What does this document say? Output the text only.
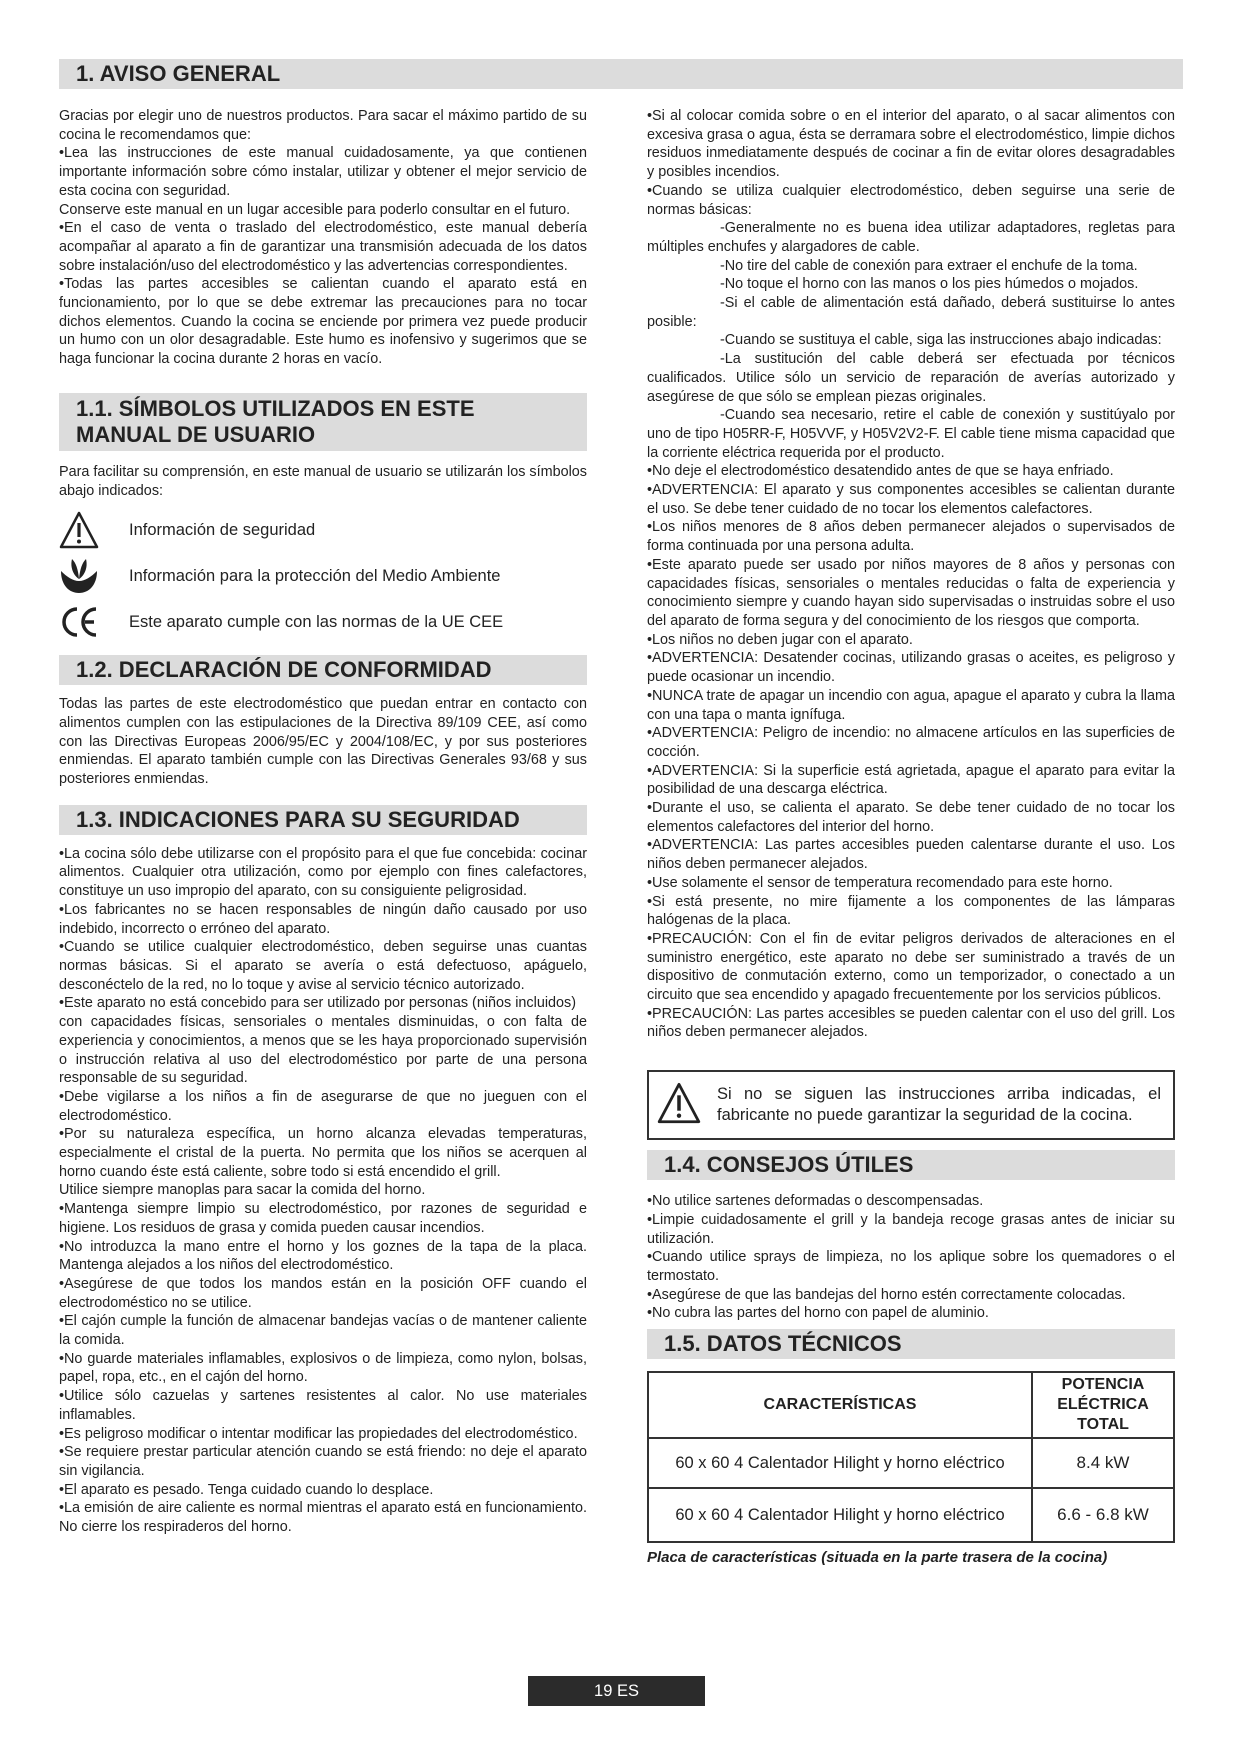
1. AVISO GENERAL

Gracias por elegir uno de nuestros productos. Para sacar el máximo partido de su cocina le recomendamos que:

•Lea las instrucciones de este manual cuidadosamente, ya que contienen importante información sobre cómo instalar, utilizar y obtener el mejor servicio de esta cocina con seguridad.

Conserve este manual en un lugar accesible para poderlo consultar en el futuro.

•En el caso de venta o traslado del electrodoméstico, este manual debería acompañar al aparato a fin de garantizar una transmisión adecuada de los datos sobre instalación/uso del electrodoméstico y las advertencias correspondientes.

•Todas las partes accesibles se calientan cuando el aparato está en funcionamiento, por lo que se debe extremar las precauciones para no tocar dichos elementos. Cuando la cocina se enciende por primera vez puede producir un humo con un olor desagradable. Este humo es inofensivo y sugerimos que se haga funcionar la cocina durante 2 horas en vacío.

1.1. SÍMBOLOS UTILIZADOS EN ESTE MANUAL DE USUARIO

Para facilitar su comprensión, en este manual de usuario se utilizarán los símbolos abajo indicados:

Información de seguridad
Información para la protección del Medio Ambiente
Este aparato cumple con las normas de la UE CEE
1.2. DECLARACIÓN DE CONFORMIDAD

Todas las partes de este electrodoméstico que puedan entrar en contacto con alimentos cumplen con las estipulaciones de la Directiva 89/109 CEE, así como con las Directivas Europeas 2006/95/EC y 2004/108/EC, y por sus posteriores enmiendas. El aparato también cumple con las Directivas Generales 93/68 y sus posteriores enmiendas.

1.3. INDICACIONES PARA SU SEGURIDAD

•La cocina sólo debe utilizarse con el propósito para el que fue concebida: cocinar alimentos. Cualquier otra utilización, como por ejemplo con fines calefactores, constituye un uso impropio del aparato, con su consiguiente peligrosidad.

•Los fabricantes no se hacen responsables de ningún daño causado por uso indebido, incorrecto o erróneo del aparato.

•Cuando se utilice cualquier electrodoméstico, deben seguirse unas cuantas normas básicas. Si el aparato se avería o está defectuoso, apáguelo, desconéctelo de la red, no lo toque y avise al servicio técnico autorizado.

•Este aparato no está concebido para ser utilizado por personas (niños incluidos)

con capacidades físicas, sensoriales o mentales disminuidas, o con falta de experiencia y conocimientos, a menos que se les haya proporcionado supervisión o instrucción relativa al uso del electrodoméstico por parte de una persona responsable de su seguridad.

•Debe vigilarse a los niños a fin de asegurarse de que no jueguen con el electrodoméstico.

•Por su naturaleza específica, un horno alcanza elevadas temperaturas, especialmente el cristal de la puerta. No permita que los niños se acerquen al horno cuando éste está caliente, sobre todo si está encendido el grill.

Utilice siempre manoplas para sacar la comida del horno.

•Mantenga siempre limpio su electrodoméstico, por razones de seguridad e higiene. Los residuos de grasa y comida pueden causar incendios.

•No introduzca la mano entre el horno y los goznes de la tapa de la placa. Mantenga alejados a los niños del electrodoméstico.

•Asegúrese de que todos los mandos están en la posición OFF cuando el electrodoméstico no se utilice.

•El cajón cumple la función de almacenar bandejas vacías o de mantener caliente la comida.

•No guarde materiales inflamables, explosivos o de limpieza, como nylon, bolsas, papel, ropa, etc., en el cajón del horno.

•Utilice sólo cazuelas y sartenes resistentes al calor. No use materiales inflamables.

•Es peligroso modificar o intentar modificar las propiedades del electrodoméstico.

•Se requiere prestar particular atención cuando se está friendo: no deje el aparato sin vigilancia.

•El aparato es pesado. Tenga cuidado cuando lo desplace.

•La emisión de aire caliente es normal mientras el aparato está en funcionamiento. No cierre los respiraderos del horno.

•Si al colocar comida sobre o en el interior del aparato, o al sacar alimentos con excesiva grasa o agua, ésta se derramara sobre el electrodoméstico, limpie dichos residuos inmediatamente después de cocinar a fin de evitar olores desagradables y posibles incendios.

•Cuando se utiliza cualquier electrodoméstico, deben seguirse una serie de normas básicas:

-Generalmente no es buena idea utilizar adaptadores, regletas para múltiples enchufes y alargadores de cable.

-No tire del cable de conexión para extraer el enchufe de la toma.

-No toque el horno con las manos o los pies húmedos o mojados.

-Si el cable de alimentación está dañado, deberá sustituirse lo antes posible:

-Cuando se sustituya el cable, siga las instrucciones abajo indicadas:

-La sustitución del cable deberá ser efectuada por técnicos cualificados. Utilice sólo un servicio de reparación de averías autorizado y asegúrese de que sólo se emplean piezas originales.

-Cuando sea necesario, retire el cable de conexión y sustitúyalo por uno de tipo H05RR-F, H05VVF, y H05V2V2-F. El cable tiene misma capacidad que la corriente eléctrica requerida por el producto.

•No deje el electrodoméstico desatendido antes de que se haya enfriado.

•ADVERTENCIA: El aparato y sus componentes accesibles se calientan durante el uso. Se debe tener cuidado de no tocar los elementos calefactores.

•Los niños menores de 8 años deben permanecer alejados o supervisados de forma continuada por una persona adulta.

•Este aparato puede ser usado por niños mayores de 8 años y personas con capacidades físicas, sensoriales o mentales reducidas o falta de experiencia y conocimiento siempre y cuando hayan sido supervisadas o instruidas sobre el uso del aparato de forma segura y del conocimiento de los riesgos que comporta.

•Los niños no deben jugar con el aparato.

•ADVERTENCIA: Desatender cocinas, utilizando grasas o aceites, es peligroso y puede ocasionar un incendio.

•NUNCA trate de apagar un incendio con agua, apague el aparato y cubra la llama con una tapa o manta ignífuga.

•ADVERTENCIA: Peligro de incendio: no almacene artículos en las superficies de cocción.

•ADVERTENCIA: Si la superficie está agrietada, apague el aparato para evitar la posibilidad de una descarga eléctrica.

•Durante el uso, se calienta el aparato. Se debe tener cuidado de no tocar los elementos calefactores del interior del horno.

•ADVERTENCIA: Las partes accesibles pueden calentarse durante el uso. Los niños deben permanecer alejados.

•Use solamente el sensor de temperatura recomendado para este horno.

•Si está presente, no mire fijamente a los componentes de las lámparas halógenas de la placa.

•PRECAUCIÓN: Con el fin de evitar peligros derivados de alteraciones en el suministro energético, este aparato no debe ser suministrado a través de un dispositivo de conmutación externo, como un temporizador, o conectado a un circuito que sea encendido y apagado frecuentemente por los servicios públicos.

•PRECAUCIÓN: Las partes accesibles se pueden calentar con el uso del grill. Los niños deben permanecer alejados.

Si no se siguen las instrucciones arriba indicadas, el fabricante no puede garantizar la seguridad de la cocina.
1.4. CONSEJOS ÚTILES

•No utilice sartenes deformadas o descompensadas.

•Limpie cuidadosamente el grill y la bandeja recoge grasas antes de iniciar su utilización.

•Cuando utilice sprays de limpieza, no los aplique sobre los quemadores o el termostato.

•Asegúrese de que las bandejas del horno estén correctamente colocadas.

•No cubra las partes del horno con papel de aluminio.

1.5. DATOS TÉCNICOS
CARACTERÍSTICAS	POTENCIA ELÉCTRICA TOTAL
60 x 60 4 Calentador Hilight y horno eléctrico	8.4 kW
60 x 60 4 Calentador Hilight y horno eléctrico	6.6 - 6.8 kW
Placa de características (situada en la parte trasera de la cocina)
19 ES
